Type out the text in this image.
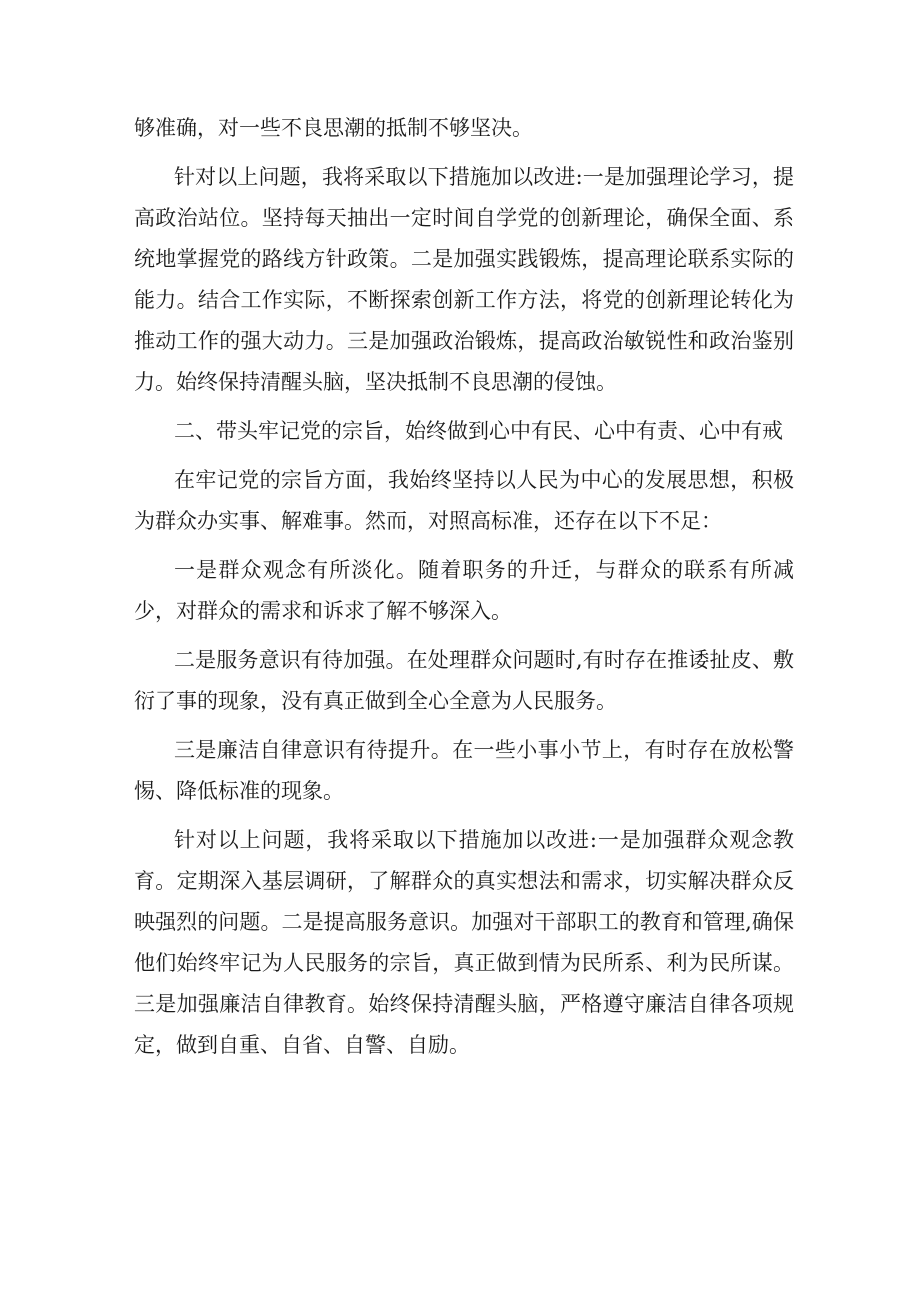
够准确，对一些不良思潮的抵制不够坚决。

针对以上问题，我将采取以下措施加以改进:一是加强理论学习，提高政治站位。坚持每天抽出一定时间自学党的创新理论，确保全面、系统地掌握党的路线方针政策。二是加强实践锻炼，提高理论联系实际的能力。结合工作实际，不断探索创新工作方法，将党的创新理论转化为推动工作的强大动力。三是加强政治锻炼，提高政治敏锐性和政治鉴别力。始终保持清醒头脑，坚决抵制不良思潮的侵蚀。

二、带头牢记党的宗旨，始终做到心中有民、心中有责、心中有戒

在牢记党的宗旨方面，我始终坚持以人民为中心的发展思想，积极为群众办实事、解难事。然而，对照高标准，还存在以下不足：

一是群众观念有所淡化。随着职务的升迁，与群众的联系有所减少，对群众的需求和诉求了解不够深入。

二是服务意识有待加强。在处理群众问题时,有时存在推诿扯皮、敷衍了事的现象，没有真正做到全心全意为人民服务。

三是廉洁自律意识有待提升。在一些小事小节上，有时存在放松警惕、降低标准的现象。

针对以上问题，我将采取以下措施加以改进:一是加强群众观念教育。定期深入基层调研，了解群众的真实想法和需求，切实解决群众反映强烈的问题。二是提高服务意识。加强对干部职工的教育和管理,确保他们始终牢记为人民服务的宗旨，真正做到情为民所系、利为民所谋。三是加强廉洁自律教育。始终保持清醒头脑，严格遵守廉洁自律各项规定，做到自重、自省、自警、自励。
